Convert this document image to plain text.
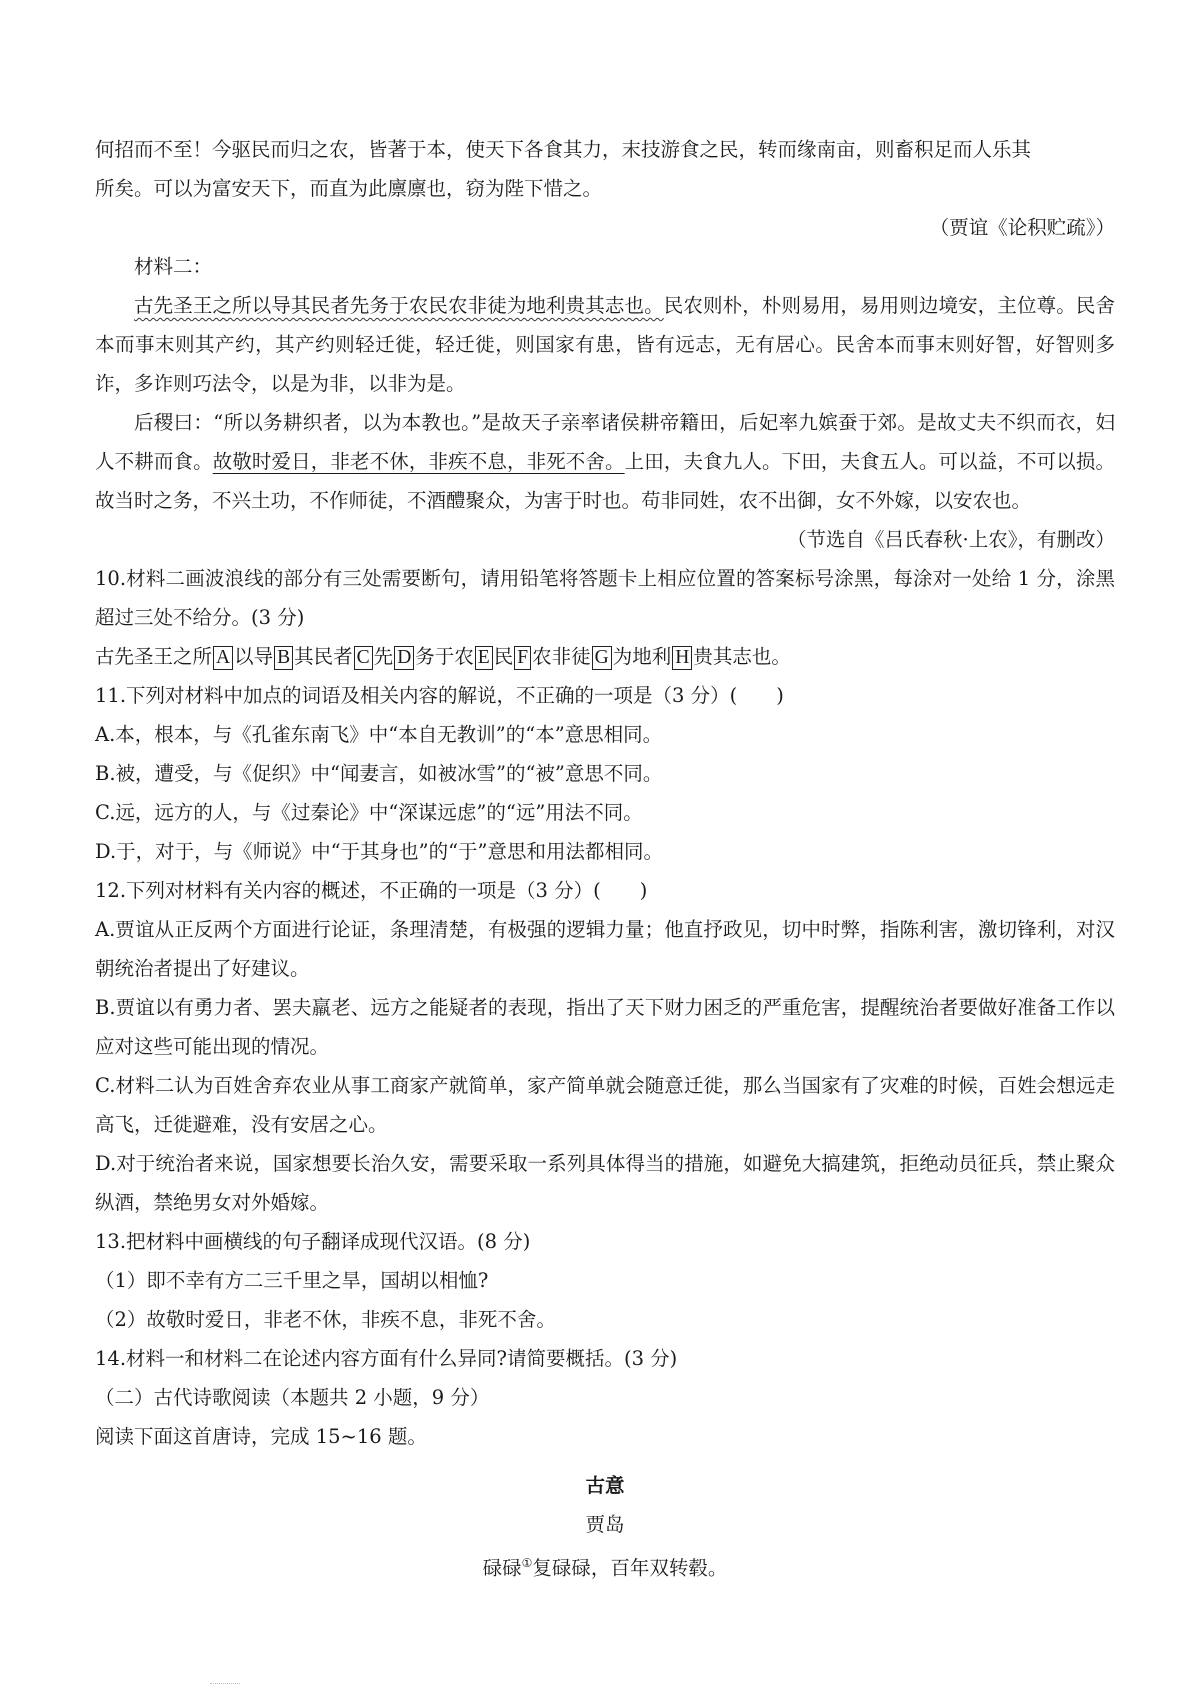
何招而不至！今驱民而归之农，皆著于本，使天下各食其力，末技游食之民，转而缘南亩，则畜积足而人乐其

所矣。可以为富安天下，而直为此廪廪也，窃为陛下惜之。

（贾谊《论积贮疏》）

材料二：

古先圣王之所以导其民者先务于农民农非徒为地利贵其志也。民农则朴，朴则易用，易用则边境安，主位尊。民舍本而事末则其产约，其产约则轻迁徙，轻迁徙，则国家有患，皆有远志，无有居心。民舍本而事末则好智，好智则多诈，多诈则巧法令，以是为非，以非为是。

后稷曰：“所以务耕织者，以为本教也。”是故天子亲率诸侯耕帝籍田，后妃率九嫔蚕于郊。是故丈夫不织而衣，妇人不耕而食。故敬时爱日，非老不休，非疾不息，非死不舍。上田，夫食九人。下田，夫食五人。可以益，不可以损。故当时之务，不兴土功，不作师徒，不酒醴聚众，为害于时也。苟非同姓，农不出御，女不外嫁，以安农也。

（节选自《吕氏春秋·上农》，有删改）

10.材料二画波浪线的部分有三处需要断句，请用铅笔将答题卡上相应位置的答案标号涂黑，每涂对一处给 1 分，涂黑超过三处不给分。(3 分)

古先圣王之所 A 以导 B 其民者 C 先 D 务于农 E 民 F 农非徒 G 为地利 H 贵其志也。

11.下列对材料中加点的词语及相关内容的解说，不正确的一项是（3 分）(　　)

A.本，根本，与《孔雀东南飞》中“本自无教训”的“本”意思相同。

B.被，遭受，与《促织》中“闻妻言，如被冰雪”的“被”意思不同。

C.远，远方的人，与《过秦论》中“深谋远虑”的“远”用法不同。

D.于，对于，与《师说》中“于其身也”的“于”意思和用法都相同。

12.下列对材料有关内容的概述，不正确的一项是（3 分）(　　)

A.贾谊从正反两个方面进行论证，条理清楚，有极强的逻辑力量；他直抒政见，切中时弊，指陈利害，激切锋利，对汉朝统治者提出了好建议。

B.贾谊以有勇力者、罢夫羸老、远方之能疑者的表现，指出了天下财力困乏的严重危害，提醒统治者要做好准备工作以应对这些可能出现的情况。

C.材料二认为百姓舍弃农业从事工商家产就简单，家产简单就会随意迁徙，那么当国家有了灾难的时候，百姓会想远走高飞，迁徙避难，没有安居之心。

D.对于统治者来说，国家想要长治久安，需要采取一系列具体得当的措施，如避免大搞建筑，拒绝动员征兵，禁止聚众纵酒，禁绝男女对外婚嫁。

13.把材料中画横线的句子翻译成现代汉语。(8 分)

（1）即不幸有方二三千里之旱，国胡以相恤?

（2）故敬时爱日，非老不休，非疾不息，非死不舍。

14.材料一和材料二在论述内容方面有什么异同?请简要概括。(3 分)

（二）古代诗歌阅读（本题共 2 小题，9 分）

阅读下面这首唐诗，完成 15~16 题。

古意

贾岛

碌碌①复碌碌，百年双转毂。
